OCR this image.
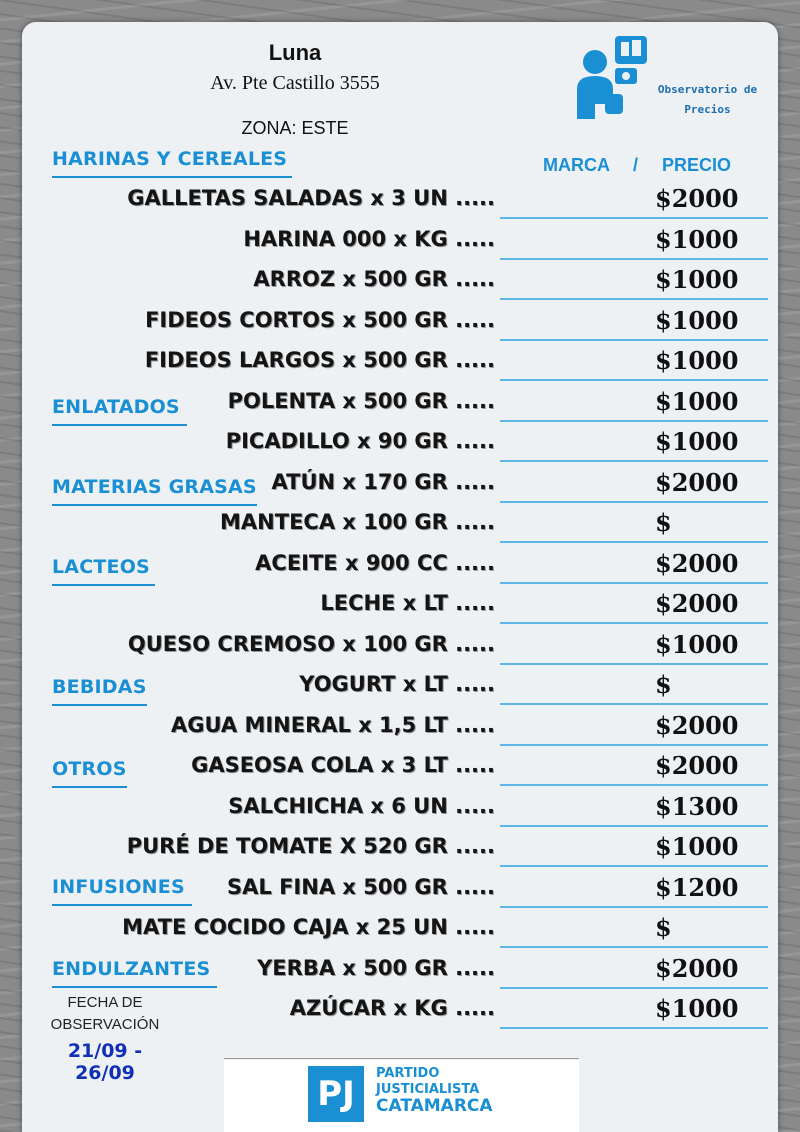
Luna
Av. Pte Castillo 3555
ZONA: ESTE
Observatorio de
Precios
MARCA / PRECIO
HARINAS Y CEREALES
ENLATADOS
MATERIAS GRASAS
LACTEOS
BEBIDAS
OTROS
INFUSIONES
ENDULZANTES
GALLETAS SALADAS x 3 UN .....	$2000
HARINA 000 x KG .....	$1000
ARROZ x 500 GR .....	$1000
FIDEOS CORTOS x 500 GR .....	$1000
FIDEOS LARGOS x 500 GR .....	$1000
POLENTA x 500 GR .....	$1000
PICADILLO x 90 GR .....	$1000
ATÚN x 170 GR .....	$2000
MANTECA x 100 GR .....	$
ACEITE x 900 CC .....	$2000
LECHE x LT .....	$2000
QUESO CREMOSO x 100 GR .....	$1000
YOGURT x LT .....	$
AGUA MINERAL x 1,5 LT .....	$2000
GASEOSA COLA x 3 LT .....	$2000
SALCHICHA x 6 UN .....	$1300
PURÉ DE TOMATE X 520 GR .....	$1000
SAL FINA x 500 GR .....	$1200
MATE COCIDO CAJA x 25 UN .....	$
YERBA x 500 GR .....	$2000
AZÚCAR x KG .....	$1000
FECHA DE
OBSERVACIÓN
21/09 - 26/09
PJ
PARTIDO
JUSTICIALISTA
CATAMARCA
